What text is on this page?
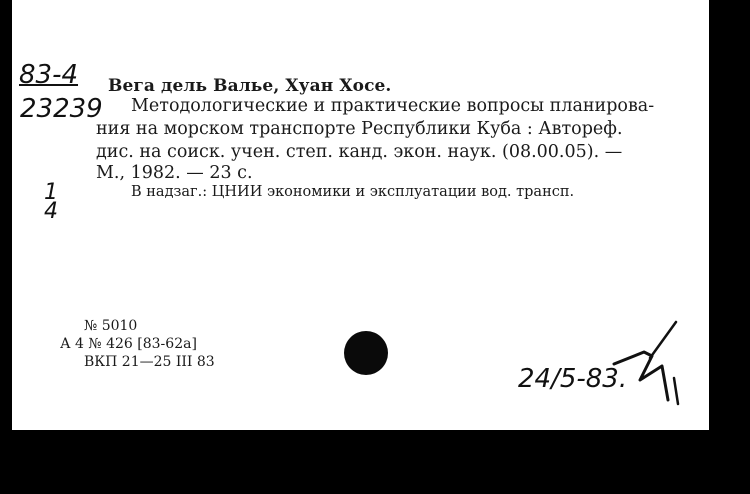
83-4
23239
Вега дель Валье, Хуан Хосе.
Методологические и практические вопросы планирова-
ния на морском транспорте Республики Куба : Автореф.
дис. на соиск. учен. степ. канд. экон. наук. (08.00.05). —
М., 1982. — 23 с.
В надзаг.: ЦНИИ экономики и эксплуатации вод. трансп.
1
4
№ 5010
А 4 № 426 [83-62а]
ВКП 21—25 III 83
24/5-83.
